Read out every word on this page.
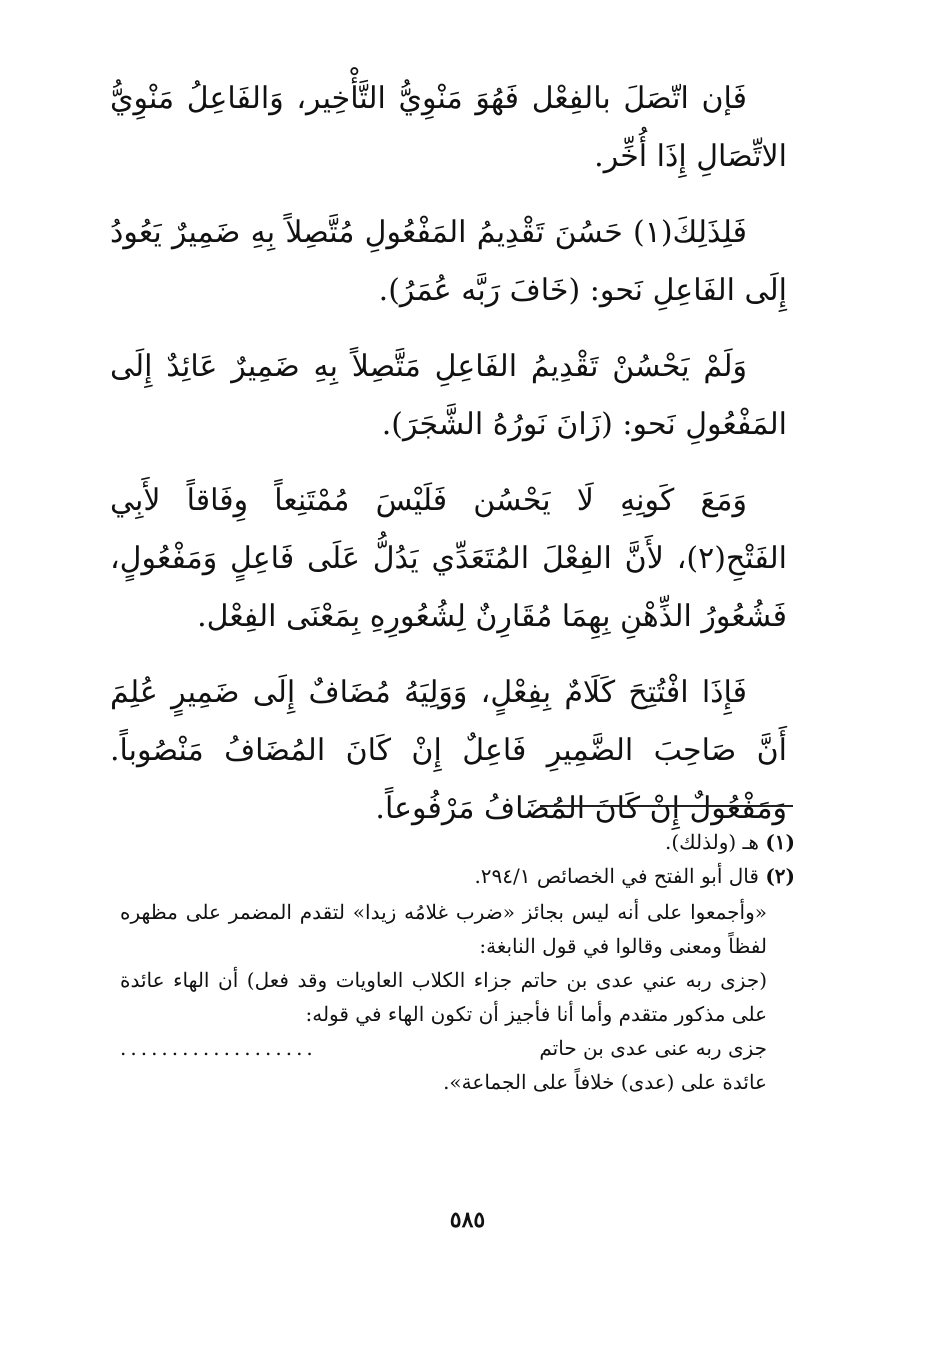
فَإن اتّصَلَ بالفِعْل فَهُوَ مَنْوِيُّ التَّأْخِير، وَالفَاعِلُ مَنْوِيُّ الاتِّصَالِ إِذَا أُخِّر.

فَلِذَلِكَ(١) حَسُنَ تَقْدِيمُ المَفْعُولِ مُتَّصِلاً بِهِ ضَمِيرٌ يَعُودُ إِلَى الفَاعِلِ نَحو: (خَافَ رَبَّه عُمَرُ).

وَلَمْ يَحْسُنْ تَقْدِيمُ الفَاعِلِ مَتَّصِلاً بِهِ ضَمِيرٌ عَائِدٌ إِلَى المَفْعُولِ نَحو: (زَانَ نَورُهُ الشَّجَرَ).

وَمَعَ كَونِهِ لَا يَحْسُن فَلَيْسَ مُمْتَنِعاً وِفَاقاً لأَبِي الفَتْحِ(٢)، لأَنَّ الفِعْلَ المُتَعَدِّي يَدُلُّ عَلَى فَاعِلٍ وَمَفْعُولٍ، فَشُعُورُ الذِّهْنِ بِهِمَا مُقَارِنٌ لِشُعُورِهِ بِمَعْنَى الفِعْل.

فَإِذَا افْتُتِحَ كَلَامٌ بِفِعْلٍ، وَوَلِيَهُ مُضَافٌ إِلَى ضَمِيرٍ عُلِمَ أَنَّ صَاحِبَ الضَّمِيرِ فَاعِلٌ إِنْ كَانَ المُضَافُ مَنْصُوباً. وَمَفْعُولٌ إِنْ كَانَ المُضَافُ مَرْفُوعاً.

(١) هـ (ولذلك).

(٢) قال أبو الفتح في الخصائص ٢٩٤/١.

«وأجمعوا على أنه ليس بجائز «ضرب غلامُه زيدا» لتقدم المضمر على مظهره لفظاً ومعنى وقالوا في قول النابغة:

(جزى ربه عني عدى بن حاتم جزاء الكلاب العاويات وقد فعل) أن الهاء عائدة على مذكور متقدم وأما أنا فأجيز أن تكون الهاء في قوله:

جزى ربه عنى عدى بن حاتم
...................

عائدة على (عدى) خلافاً على الجماعة».

٥٨٥
